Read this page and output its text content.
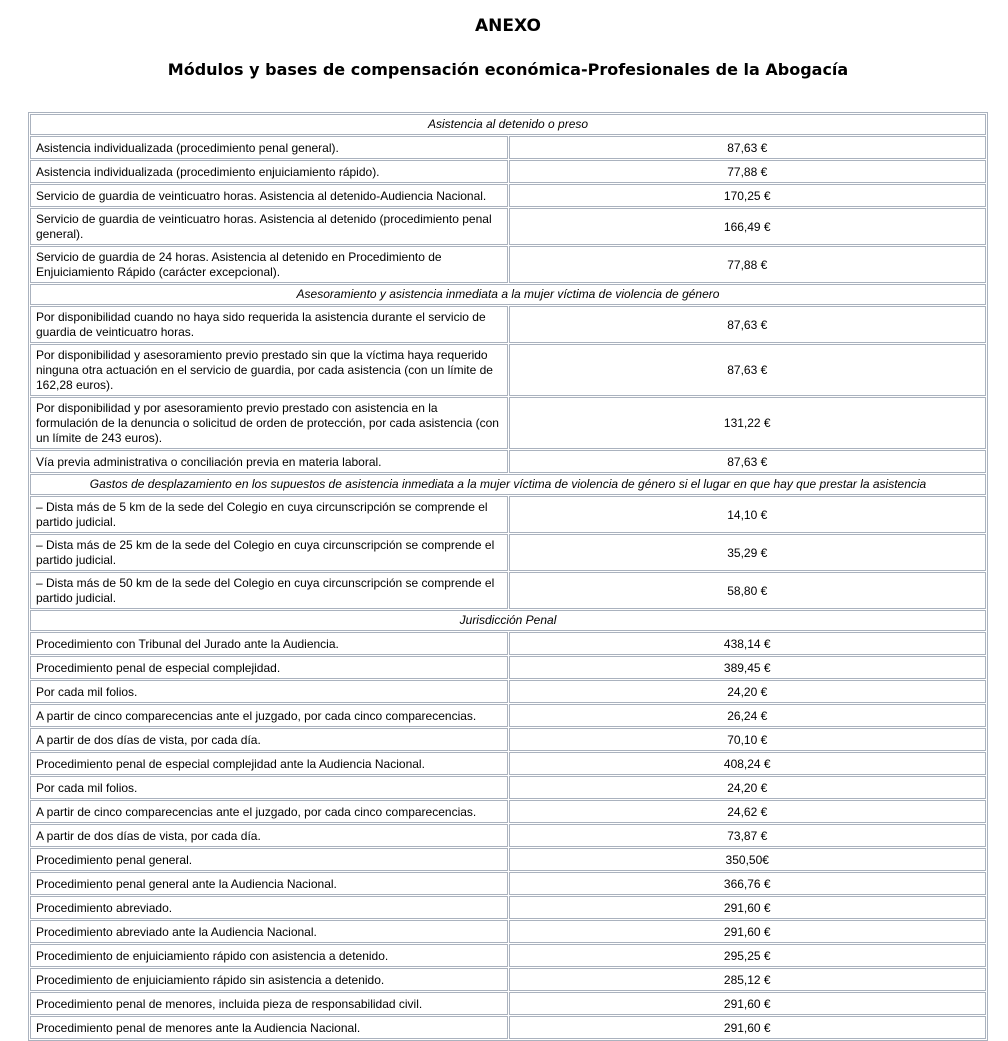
ANEXO
Módulos y bases de compensación económica-Profesionales de la Abogacía
Asistencia al detenido o preso	
Asistencia individualizada (procedimiento penal general).	87,63 €
Asistencia individualizada (procedimiento enjuiciamiento rápido).	77,88 €
Servicio de guardia de veinticuatro horas. Asistencia al detenido-Audiencia Nacional.	170,25 €
Servicio de guardia de veinticuatro horas. Asistencia al detenido (procedimiento penal general).	166,49 €
Servicio de guardia de 24 horas. Asistencia al detenido en Procedimiento de Enjuiciamiento Rápido (carácter excepcional).	77,88 €
Asesoramiento y asistencia inmediata a la mujer víctima de violencia de género	
Por disponibilidad cuando no haya sido requerida la asistencia durante el servicio de guardia de veinticuatro horas.	87,63 €
Por disponibilidad y asesoramiento previo prestado sin que la víctima haya requerido ninguna otra actuación en el servicio de guardia, por cada asistencia (con un límite de 162,28 euros).	87,63 €
Por disponibilidad y por asesoramiento previo prestado con asistencia en la formulación de la denuncia o solicitud de orden de protección, por cada asistencia (con un límite de 243 euros).	131,22 €
Vía previa administrativa o conciliación previa en materia laboral.	87,63 €
Gastos de desplazamiento en los supuestos de asistencia inmediata a la mujer víctima de violencia de género si el lugar en que hay que prestar la asistencia	
– Dista más de 5 km de la sede del Colegio en cuya circunscripción se comprende el partido judicial.	14,10 €
– Dista más de 25 km de la sede del Colegio en cuya circunscripción se comprende el partido judicial.	35,29 €
– Dista más de 50 km de la sede del Colegio en cuya circunscripción se comprende el partido judicial.	58,80 €
Jurisdicción Penal	
Procedimiento con Tribunal del Jurado ante la Audiencia.	438,14 €
Procedimiento penal de especial complejidad.	389,45 €
Por cada mil folios.	24,20 €
A partir de cinco comparecencias ante el juzgado, por cada cinco comparecencias.	26,24 €
A partir de dos días de vista, por cada día.	70,10 €
Procedimiento penal de especial complejidad ante la Audiencia Nacional.	408,24 €
Por cada mil folios.	24,20 €
A partir de cinco comparecencias ante el juzgado, por cada cinco comparecencias.	24,62 €
A partir de dos días de vista, por cada día.	73,87 €
Procedimiento penal general.	350,50€
Procedimiento penal general ante la Audiencia Nacional.	366,76 €
Procedimiento abreviado.	291,60 €
Procedimiento abreviado ante la Audiencia Nacional.	291,60 €
Procedimiento de enjuiciamiento rápido con asistencia a detenido.	295,25 €
Procedimiento de enjuiciamiento rápido sin asistencia a detenido.	285,12 €
Procedimiento penal de menores, incluida pieza de responsabilidad civil.	291,60 €
Procedimiento penal de menores ante la Audiencia Nacional.	291,60 €
